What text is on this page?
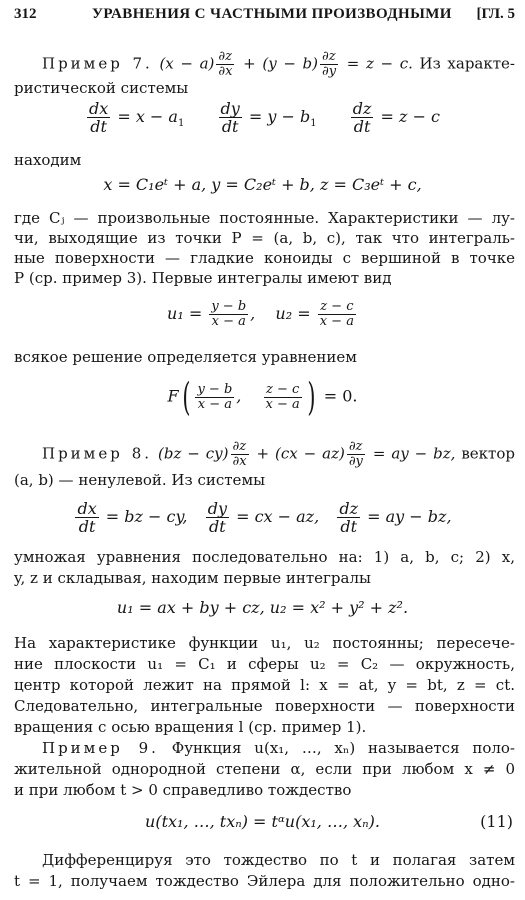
312	УРАВНЕНИЯ С ЧАСТНЫМИ ПРОИЗВОДНЫМИ [ГЛ. 5
Пример 7. $(x - a) \frac{\partial z}{\partial x} + (y - b) \frac{\partial z}{\partial y} = z - c$. Из характе-
ристической системы
$\frac{dx}{dt} = x - a_1 \frac{dy}{dt} = y - b_1 \frac{dz}{dt} = z - c$
находим
x = C₁eᵗ + a, y = C₂eᵗ + b, z = C₃eᵗ + c,
где Cⱼ — произвольные постоянные. Характеристики — лу-
чи, выходящие из точки P = (a, b, c), так что интеграль-
ные поверхности — гладкие коноиды с вершиной в точке
P (ср. пример 3). Первые интегралы имеют вид
$u_1 = \frac{y - b}{x - a}$ ,  $u_2 = \frac{z - c}{x - a}$
всякое решение определяется уравнением
$F( \frac{y - b}{x - a}$ , $\frac{z - c}{x - a}$ ) = 0.
Пример 8. $(bz - cy) \frac{\partial z}{\partial x} + (cx - az) \frac{\partial z}{\partial y}$ = ay − bz, вектор
(a, b) — ненулевой. Из системы
$\frac{dx}{dt}$ = bz − cy, $\frac{dy}{dt}$ = cx − az, $\frac{dz}{dt}$ = ay − bz,
умножая уравнения последовательно на: 1) a, b, c; 2) x,
y, z и складывая, находим первые интегралы
u₁ = ax + by + cz, u₂ = x² + y² + z².
На характеристике функции u₁, u₂ постоянны; пересече-
ние плоскости u₁ = C₁ и сферы u₂ = C₂ — окружность,
центр которой лежит на прямой l: x = at, y = bt, z = ct.
Следовательно, интегральные поверхности — поверхности
вращения с осью вращения l (ср. пример 1).
Пример 9. Функция u(x₁, …, xₙ) называется поло-
жительной однородной степени α, если при любом x ≠ 0
и при любом t > 0 справедливо тождество
u(tx₁, …, txₙ) = tᵅu(x₁, …, xₙ).	(11)
Дифференцируя это тождество по t и полагая затем
t = 1, получаем тождество Эйлера для положительно одно-
